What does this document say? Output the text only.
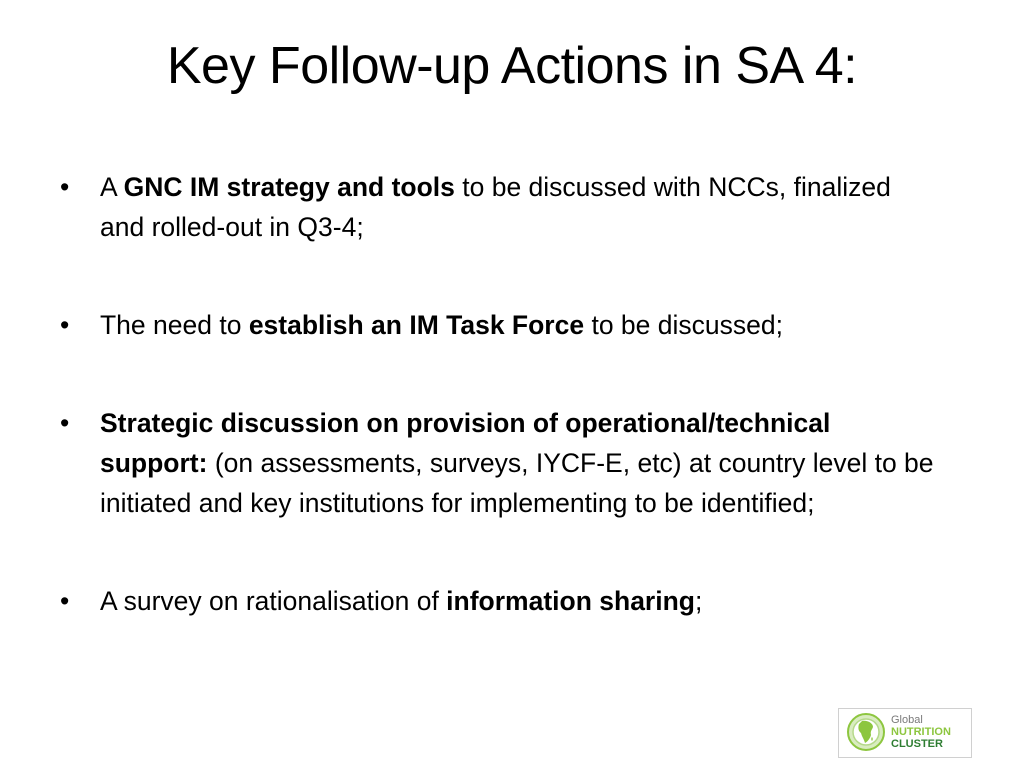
Key Follow-up Actions in SA 4:
• A GNC IM strategy and tools to be discussed with NCCs, finalized and rolled-out in Q3-4;
• The need to establish an IM Task Force to be discussed;
• Strategic discussion on provision of operational/technical support: (on assessments, surveys, IYCF-E, etc) at country level to be initiated and key institutions for implementing to be identified;
• A survey on rationalisation of information sharing;
Global
NUTRITION
CLUSTER
